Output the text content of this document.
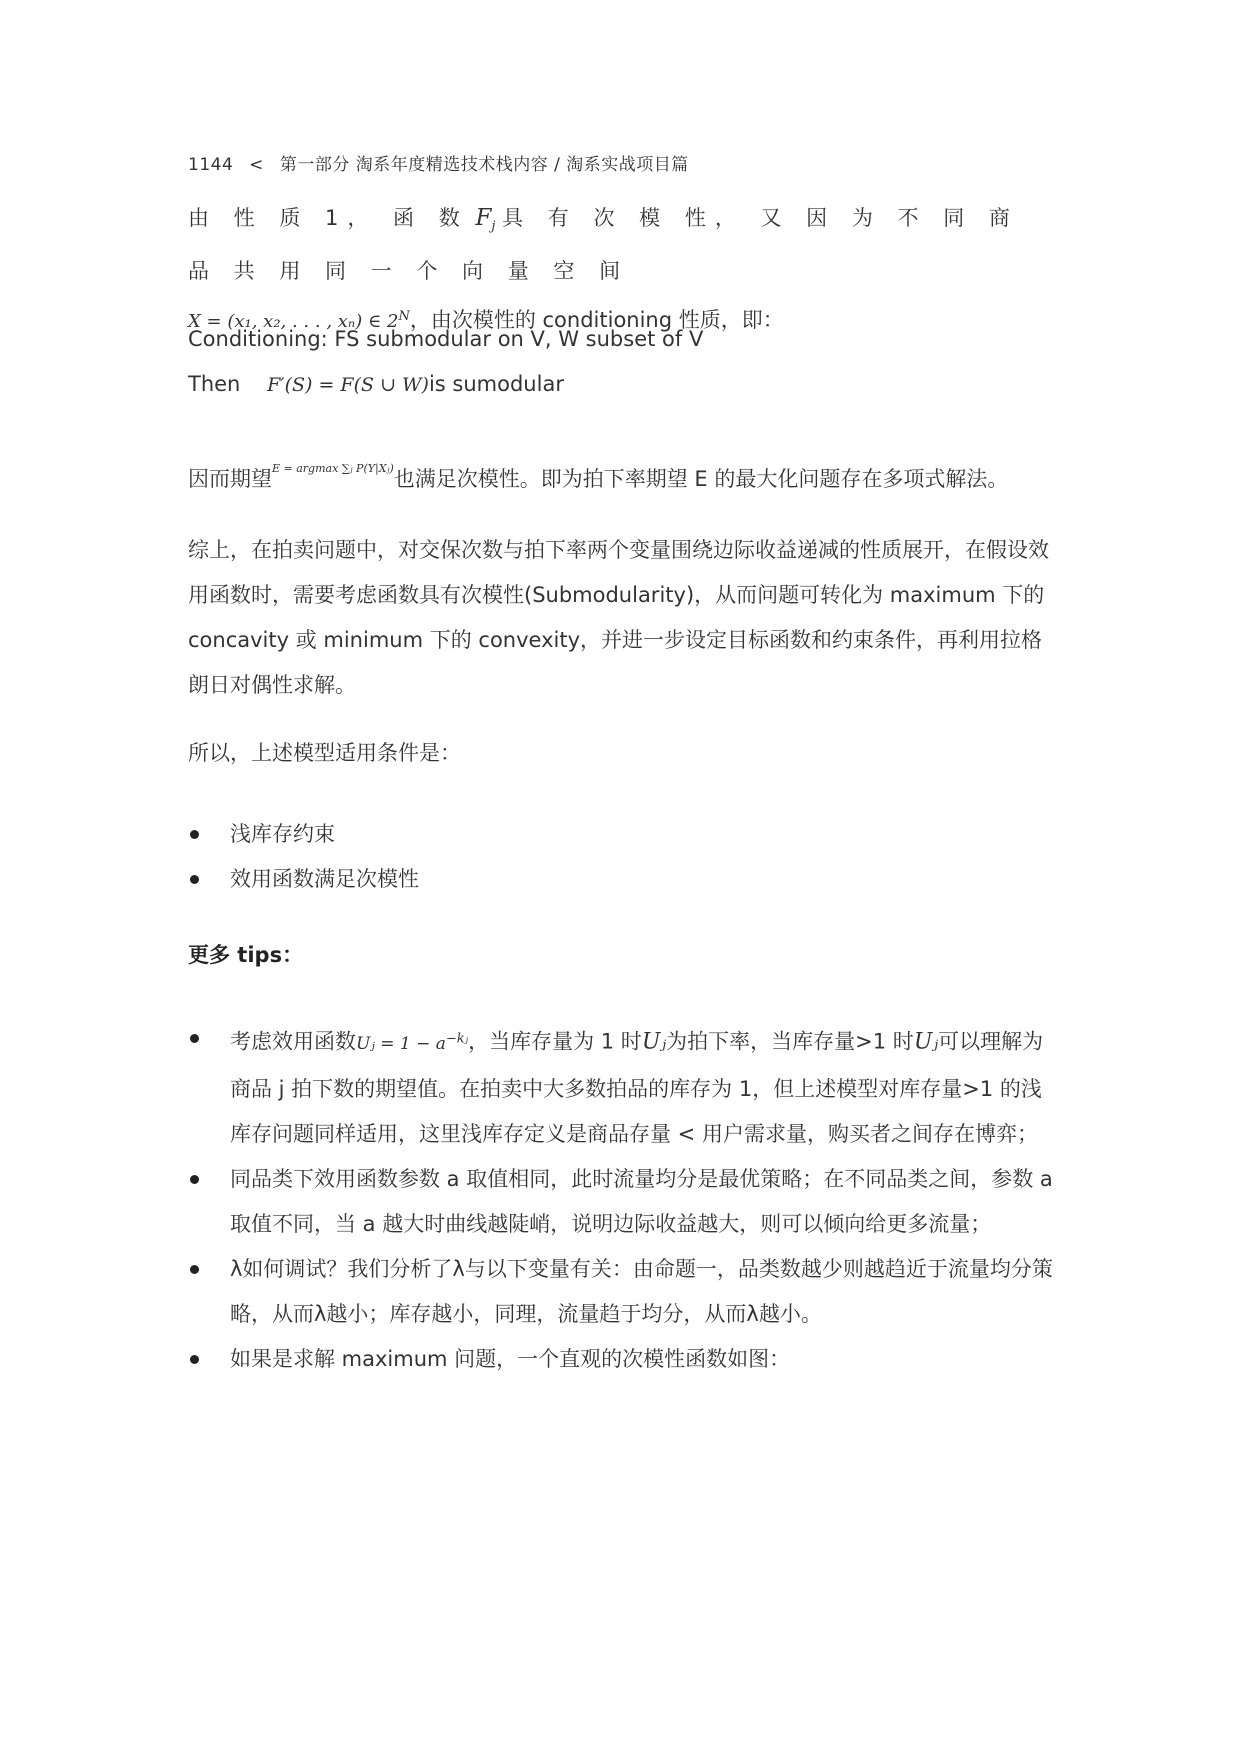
1144 < 第一部分 淘系年度精选技术栈内容 / 淘系实战项目篇
由 性 质 1， 函 数 $F_j$ 具 有 次 模 性， 又 因 为 不 同 商 品 共 用 同 一 个 向 量 空 间
X = (x₁, x₂, . . . , xₙ) ∈ $2^N$，由次模性的 conditioning 性质，即：
Conditioning: FS submodular on V, W subset of V
Then F′(S) = F(S ∪ W)is sumodular
因而期望E = argmax ∑ⱼ P(Y|Xⱼ)也满足次模性。即为拍下率期望 E 的最大化问题存在多项式解法。
综上，在拍卖问题中，对交保次数与拍下率两个变量围绕边际收益递减的性质展开，在假设效用函数时，需要考虑函数具有次模性(Submodularity)，从而问题可转化为 maximum 下的 concavity 或 minimum 下的 convexity，并进一步设定目标函数和约束条件，再利用拉格朗日对偶性求解。
所以，上述模型适用条件是：
浅库存约束
效用函数满足次模性
更多 tips：
考虑效用函数Uⱼ = $1 - a^{-kⱼ}$，当库存量为 1 时Uⱼ为拍下率，当库存量>1 时Uⱼ可以理解为商品 j 拍下数的期望值。在拍卖中大多数拍品的库存为 1，但上述模型对库存量>1 的浅库存问题同样适用，这里浅库存定义是商品存量 < 用户需求量，购买者之间存在博弈；
同品类下效用函数参数 a 取值相同，此时流量均分是最优策略；在不同品类之间，参数 a 取值不同，当 a 越大时曲线越陡峭，说明边际收益越大，则可以倾向给更多流量；
λ如何调试？我们分析了λ与以下变量有关：由命题一，品类数越少则越趋近于流量均分策略，从而λ越小；库存越小，同理，流量趋于均分，从而λ越小。
如果是求解 maximum 问题，一个直观的次模性函数如图：
